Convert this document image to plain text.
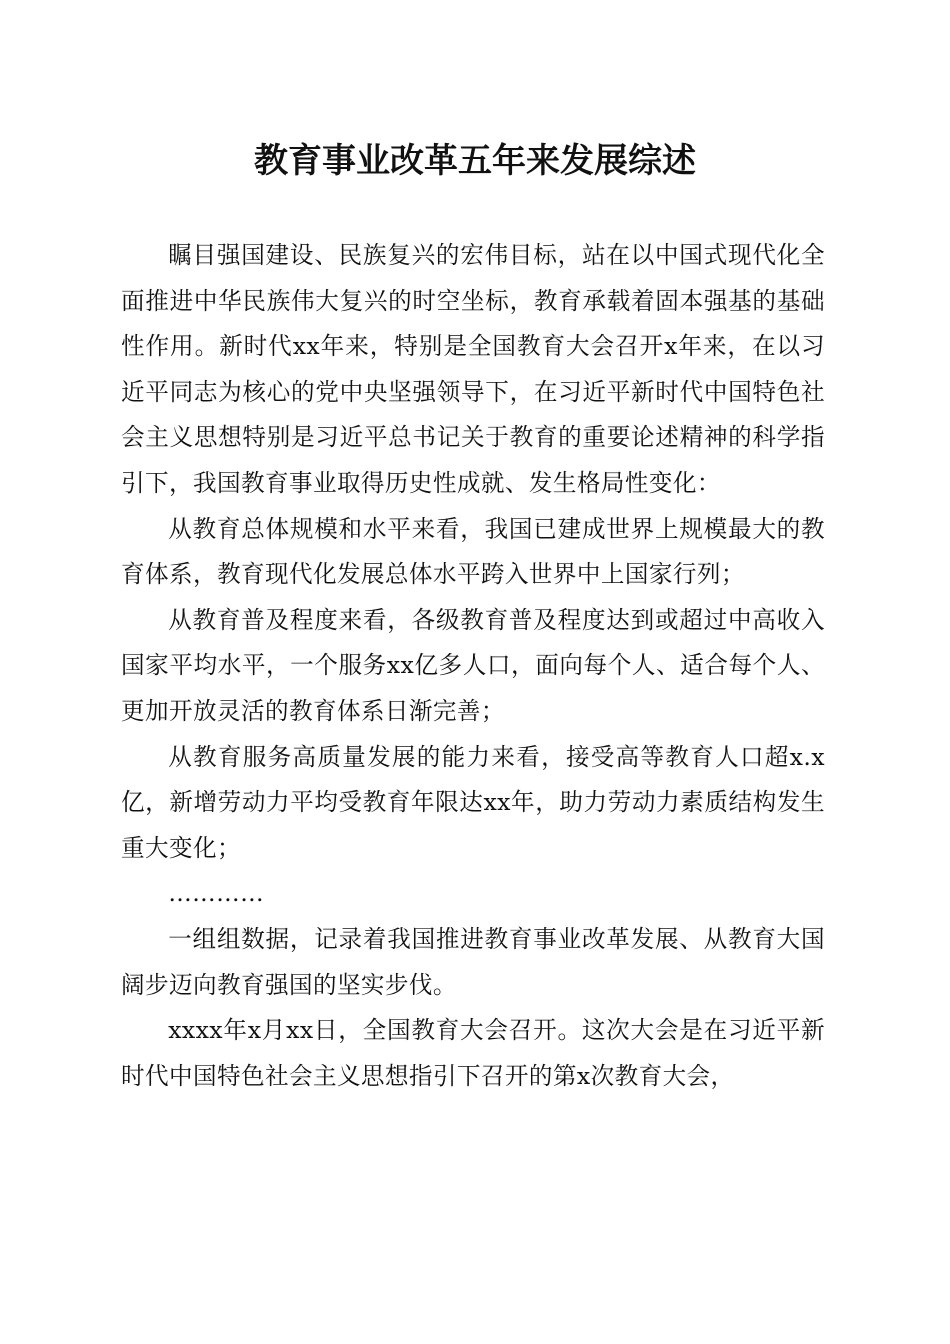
教育事业改革五年来发展综述

瞩目强国建设、民族复兴的宏伟目标，站在以中国式现代化全面推进中华民族伟大复兴的时空坐标，教育承载着固本强基的基础性作用。新时代xx年来，特别是全国教育大会召开x年来，在以习近平同志为核心的党中央坚强领导下，在习近平新时代中国特色社会主义思想特别是习近平总书记关于教育的重要论述精神的科学指引下，我国教育事业取得历史性成就、发生格局性变化：

从教育总体规模和水平来看，我国已建成世界上规模最大的教育体系，教育现代化发展总体水平跨入世界中上国家行列；

从教育普及程度来看，各级教育普及程度达到或超过中高收入国家平均水平，一个服务xx亿多人口，面向每个人、适合每个人、更加开放灵活的教育体系日渐完善；

从教育服务高质量发展的能力来看，接受高等教育人口超x.x亿，新增劳动力平均受教育年限达xx年，助力劳动力素质结构发生重大变化；

…………

一组组数据，记录着我国推进教育事业改革发展、从教育大国阔步迈向教育强国的坚实步伐。

xxxx年x月xx日，全国教育大会召开。这次大会是在习近平新时代中国特色社会主义思想指引下召开的第x次教育大会，
